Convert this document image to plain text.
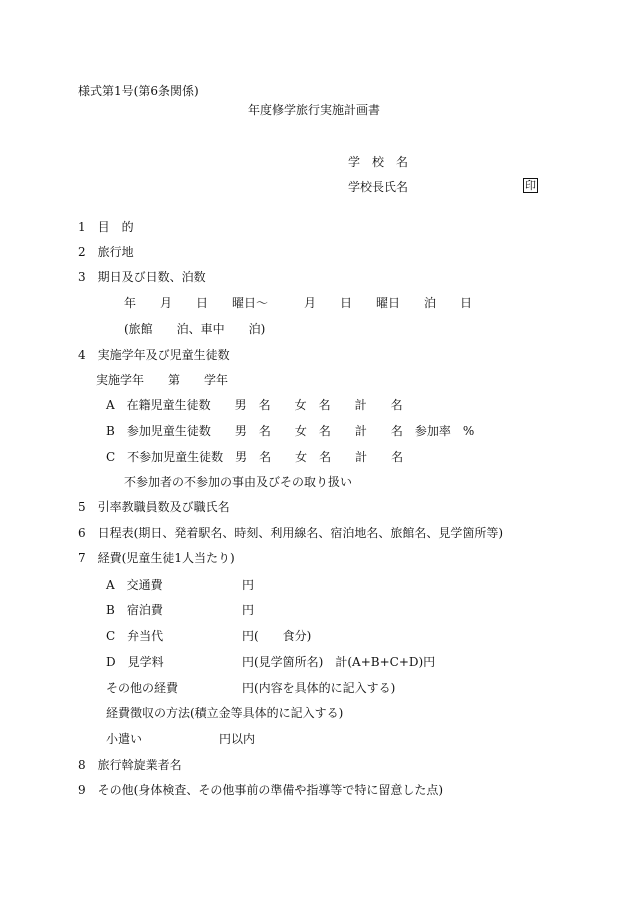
様式第1号(第6条関係)
年度修学旅行実施計画書
学　校　名
学校長氏名	印
1　目　的
2　旅行地
3　期日及び日数、泊数
年　　月　　日　　曜日～　　　月　　日　　曜日　　泊　　日
(旅館　　泊、車中　　泊)
4　実施学年及び児童生徒数
実施学年　　第　　学年
A　在籍児童生徒数　　男　名　　女　名　　計　　名
B　参加児童生徒数　　男　名　　女　名　　計　　名　参加率　%
C　不参加児童生徒数　男　名　　女　名　　計　　名
不参加者の不参加の事由及びその取り扱い
5　引率教職員数及び職氏名
6　日程表(期日、発着駅名、時刻、利用線名、宿泊地名、旅館名、見学箇所等)
7　経費(児童生徒1人当たり)
A　交通費	円
B　宿泊費	円
C　弁当代	円(　　食分)
D　見学料	円(見学箇所名)　計(A+B+C+D)円
その他の経費	円(内容を具体的に記入する)
経費徴収の方法(積立金等具体的に記入する)
小遣い	円以内
8　旅行斡旋業者名
9　その他(身体検査、その他事前の準備や指導等で特に留意した点)
